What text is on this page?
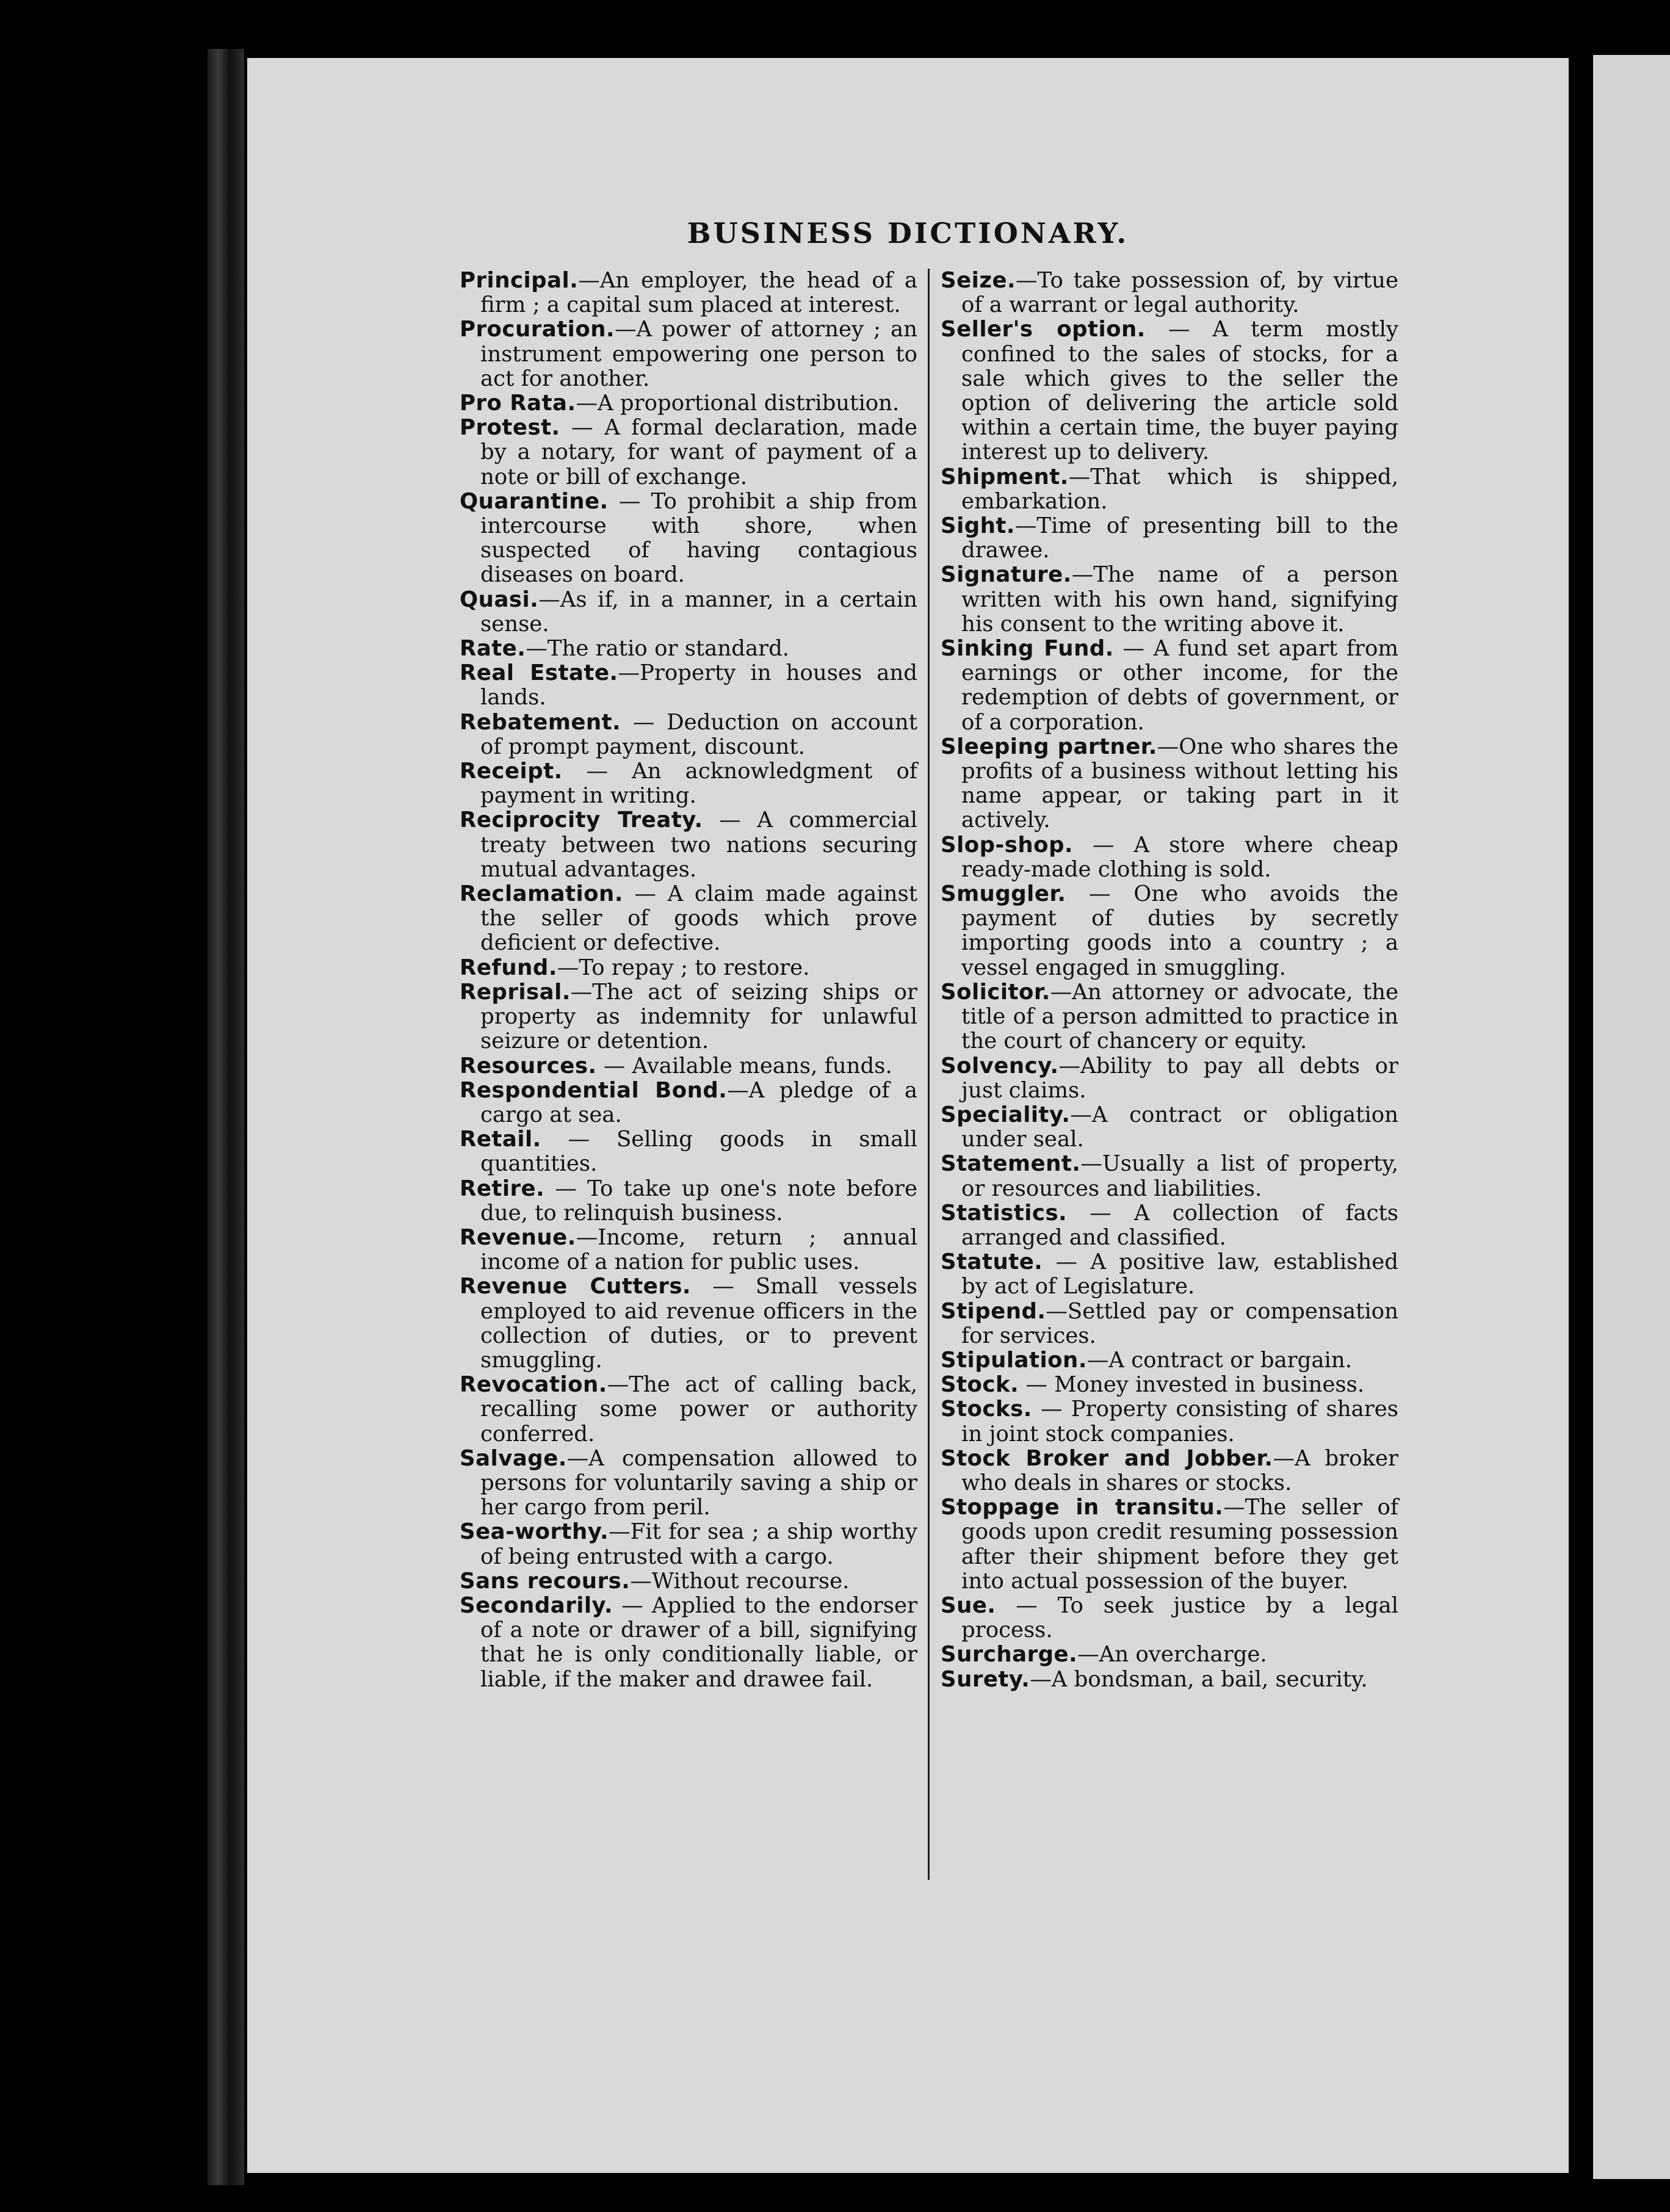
BUSINESS DICTIONARY.

Principal.—An employer, the head of a firm ; a capital sum placed at interest.

Procuration.—A power of attorney ; an instrument empowering one person to act for another.

Pro Rata.—A proportional distribution.

Protest. — A formal declaration, made by a notary, for want of payment of a note or bill of exchange.

Quarantine. — To prohibit a ship from intercourse with shore, when suspected of having contagious diseases on board.

Quasi.—As if, in a manner, in a certain sense.

Rate.—The ratio or standard.

Real Estate.—Property in houses and lands.

Rebatement. — Deduction on account of prompt payment, discount.

Receipt. — An acknowledgment of payment in writing.

Reciprocity Treaty. — A commercial treaty between two nations securing mutual advantages.

Reclamation. — A claim made against the seller of goods which prove deficient or defective.

Refund.—To repay ; to restore.

Reprisal.—The act of seizing ships or property as indemnity for unlawful seizure or detention.

Resources. — Available means, funds.

Respondential Bond.—A pledge of a cargo at sea.

Retail. — Selling goods in small quantities.

Retire. — To take up one's note before due, to relinquish business.

Revenue.—Income, return ; annual income of a nation for public uses.

Revenue Cutters. — Small vessels employed to aid revenue officers in the collection of duties, or to prevent smuggling.

Revocation.—The act of calling back, recalling some power or authority conferred.

Salvage.—A compensation allowed to persons for voluntarily saving a ship or her cargo from peril.

Sea-worthy.—Fit for sea ; a ship worthy of being entrusted with a cargo.

Sans recours.—Without recourse.

Secondarily. — Applied to the endorser of a note or drawer of a bill, signifying that he is only conditionally liable, or liable, if the maker and drawee fail.

Seize.—To take possession of, by virtue of a warrant or legal authority.

Seller's option. — A term mostly confined to the sales of stocks, for a sale which gives to the seller the option of delivering the article sold within a certain time, the buyer paying interest up to delivery.

Shipment.—That which is shipped, embarkation.

Sight.—Time of presenting bill to the drawee.

Signature.—The name of a person written with his own hand, signifying his consent to the writing above it.

Sinking Fund. — A fund set apart from earnings or other income, for the redemption of debts of government, or of a corporation.

Sleeping partner.—One who shares the profits of a business without letting his name appear, or taking part in it actively.

Slop-shop. — A store where cheap ready-made clothing is sold.

Smuggler. — One who avoids the payment of duties by secretly importing goods into a country ; a vessel engaged in smuggling.

Solicitor.—An attorney or advocate, the title of a person admitted to practice in the court of chancery or equity.

Solvency.—Ability to pay all debts or just claims.

Speciality.—A contract or obligation under seal.

Statement.—Usually a list of property, or resources and liabilities.

Statistics. — A collection of facts arranged and classified.

Statute. — A positive law, established by act of Legislature.

Stipend.—Settled pay or compensation for services.

Stipulation.—A contract or bargain.

Stock. — Money invested in business.

Stocks. — Property consisting of shares in joint stock companies.

Stock Broker and Jobber.—A broker who deals in shares or stocks.

Stoppage in transitu.—The seller of goods upon credit resuming possession after their shipment before they get into actual possession of the buyer.

Sue. — To seek justice by a legal process.

Surcharge.—An overcharge.

Surety.—A bondsman, a bail, security.
